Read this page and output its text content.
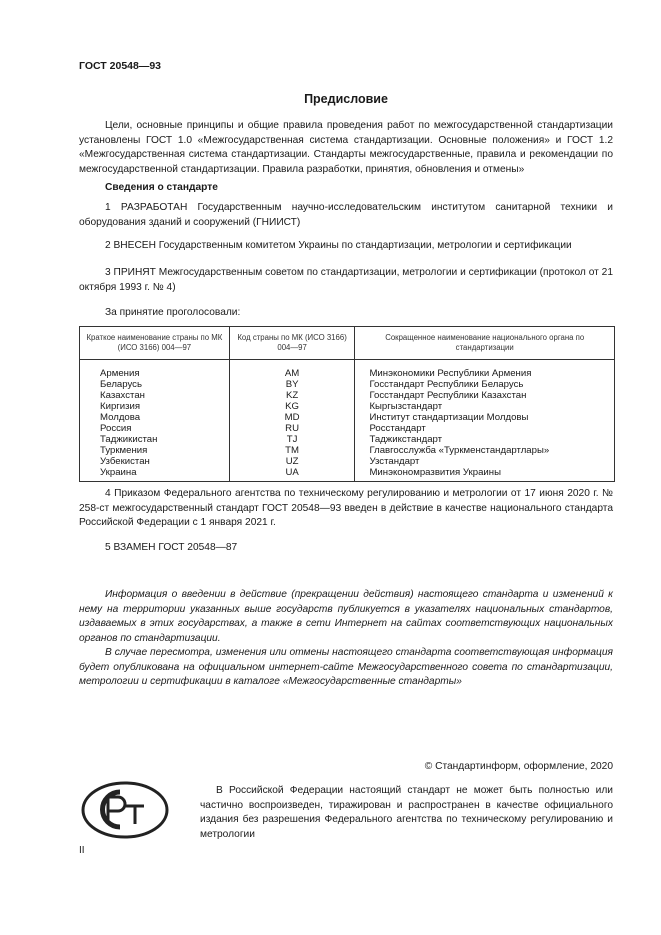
ГОСТ 20548—93
Предисловие

Цели, основные принципы и общие правила проведения работ по межгосударственной стандартизации установлены ГОСТ 1.0 «Межгосударственная система стандартизации. Основные положения» и ГОСТ 1.2 «Межгосударственная система стандартизации. Стандарты межгосударственные, правила и рекомендации по межгосударственной стандартизации. Правила разработки, принятия, обновления и отмены»

Сведения о стандарте

1 РАЗРАБОТАН Государственным научно-исследовательским институтом санитарной техники и оборудования зданий и сооружений (ГНИИСТ)

2 ВНЕСЕН Государственным комитетом Украины по стандартизации, метрологии и сертификации

3 ПРИНЯТ Межгосударственным советом по стандартизации, метрологии и сертификации (протокол от 21 октября 1993 г. № 4)

За принятие проголосовали:

Краткое наименование страны по МК (ИСО 3166) 004—97	Код страны по МК (ИСО 3166) 004—97	Сокращенное наименование национального органа по стандартизации
Армения	AM	Минэкономики Республики Армения
Беларусь	BY	Госстандарт Республики Беларусь
Казахстан	KZ	Госстандарт Республики Казахстан
Киргизия	KG	Кыргызстандарт
Молдова	MD	Институт стандартизации Молдовы
Россия	RU	Росстандарт
Таджикистан	TJ	Таджикстандарт
Туркмения	TM	Главгосслужба «Туркменстандартлары»
Узбекистан	UZ	Узстандарт
Украина	UA	Минэкономразвития Украины

4 Приказом Федерального агентства по техническому регулированию и метрологии от 17 июня 2020 г. № 258-ст межгосударственный стандарт ГОСТ 20548—93 введен в действие в качестве национального стандарта Российской Федерации с 1 января 2021 г.

5 ВЗАМЕН ГОСТ 20548—87

Информация о введении в действие (прекращении действия) настоящего стандарта и изменений к нему на территории указанных выше государств публикуется в указателях национальных стандартов, издаваемых в этих государствах, а также в сети Интернет на сайтах соответствующих национальных органов по стандартизации.

В случае пересмотра, изменения или отмены настоящего стандарта соответствующая информация будет опубликована на официальном интернет-сайте Межгосударственного совета по стандартизации, метрологии и сертификации в каталоге «Межгосударственные стандарты»

© Стандартинформ, оформление, 2020

В Российской Федерации настоящий стандарт не может быть полностью или частично воспроизведен, тиражирован и распространен в качестве официального издания без разрешения Федерального агентства по техническому регулированию и метрологии

II
